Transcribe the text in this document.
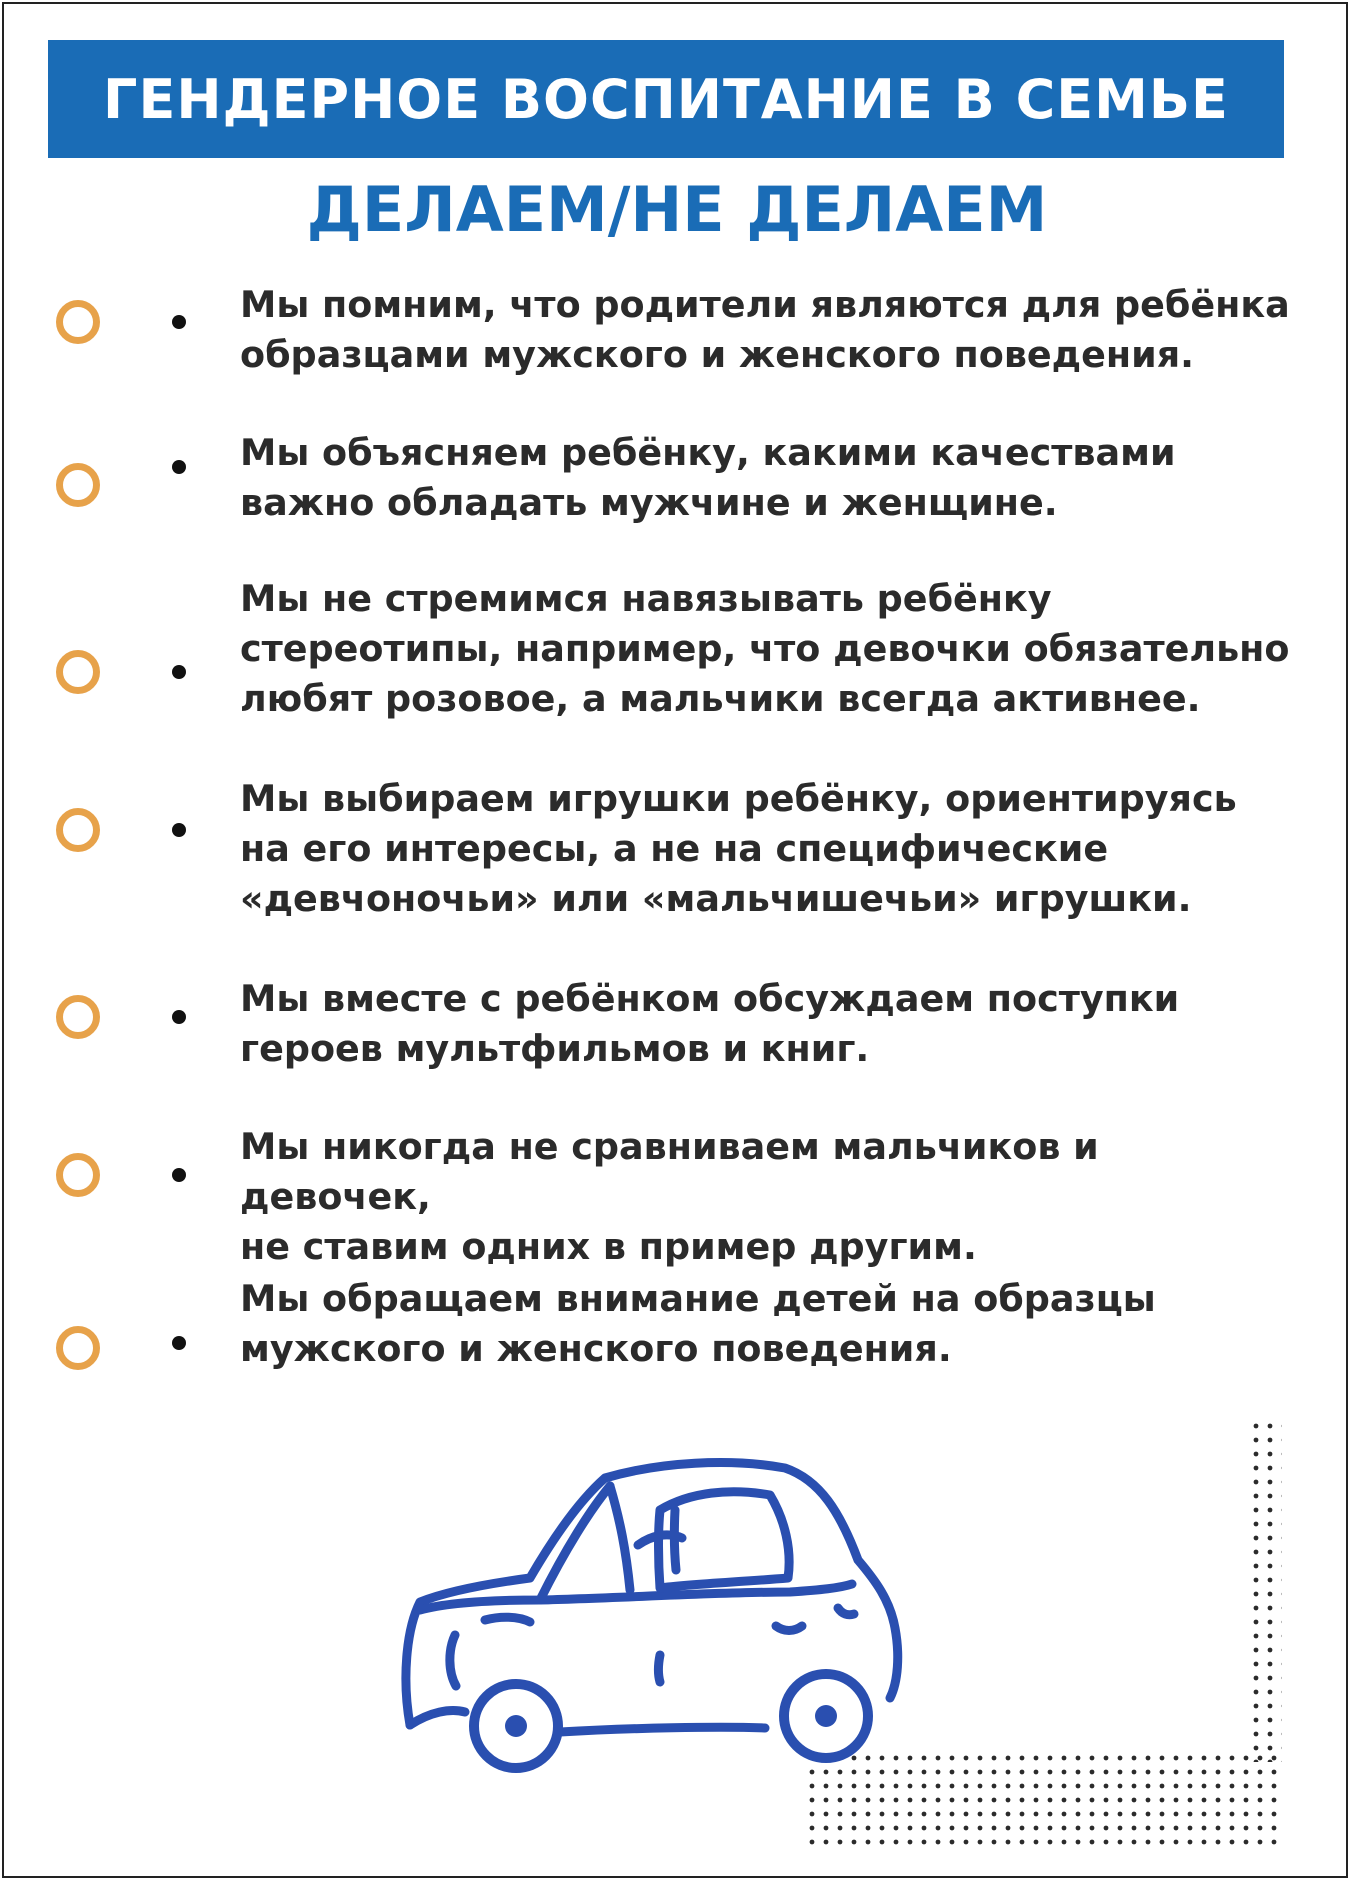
ГЕНДЕРНОЕ ВОСПИТАНИЕ В СЕМЬЕ
ДЕЛАЕМ/НЕ ДЕЛАЕМ
Мы помним, что родители являются для ребёнка
образцами мужского и женского поведения.
Мы объясняем ребёнку, какими качествами
важно обладать мужчине и женщине.
Мы не стремимся навязывать ребёнку
стереотипы, например, что девочки обязательно
любят розовое, а мальчики всегда активнее.
Мы выбираем игрушки ребёнку, ориентируясь
на его интересы, а не на специфические
«девчоночьи» или «мальчишечьи» игрушки.
Мы вместе с ребёнком обсуждаем поступки
героев мультфильмов и книг.
Мы никогда не сравниваем мальчиков и девочек,
не ставим одних в пример другим.
Мы обращаем внимание детей на образцы
мужского и женского поведения.
